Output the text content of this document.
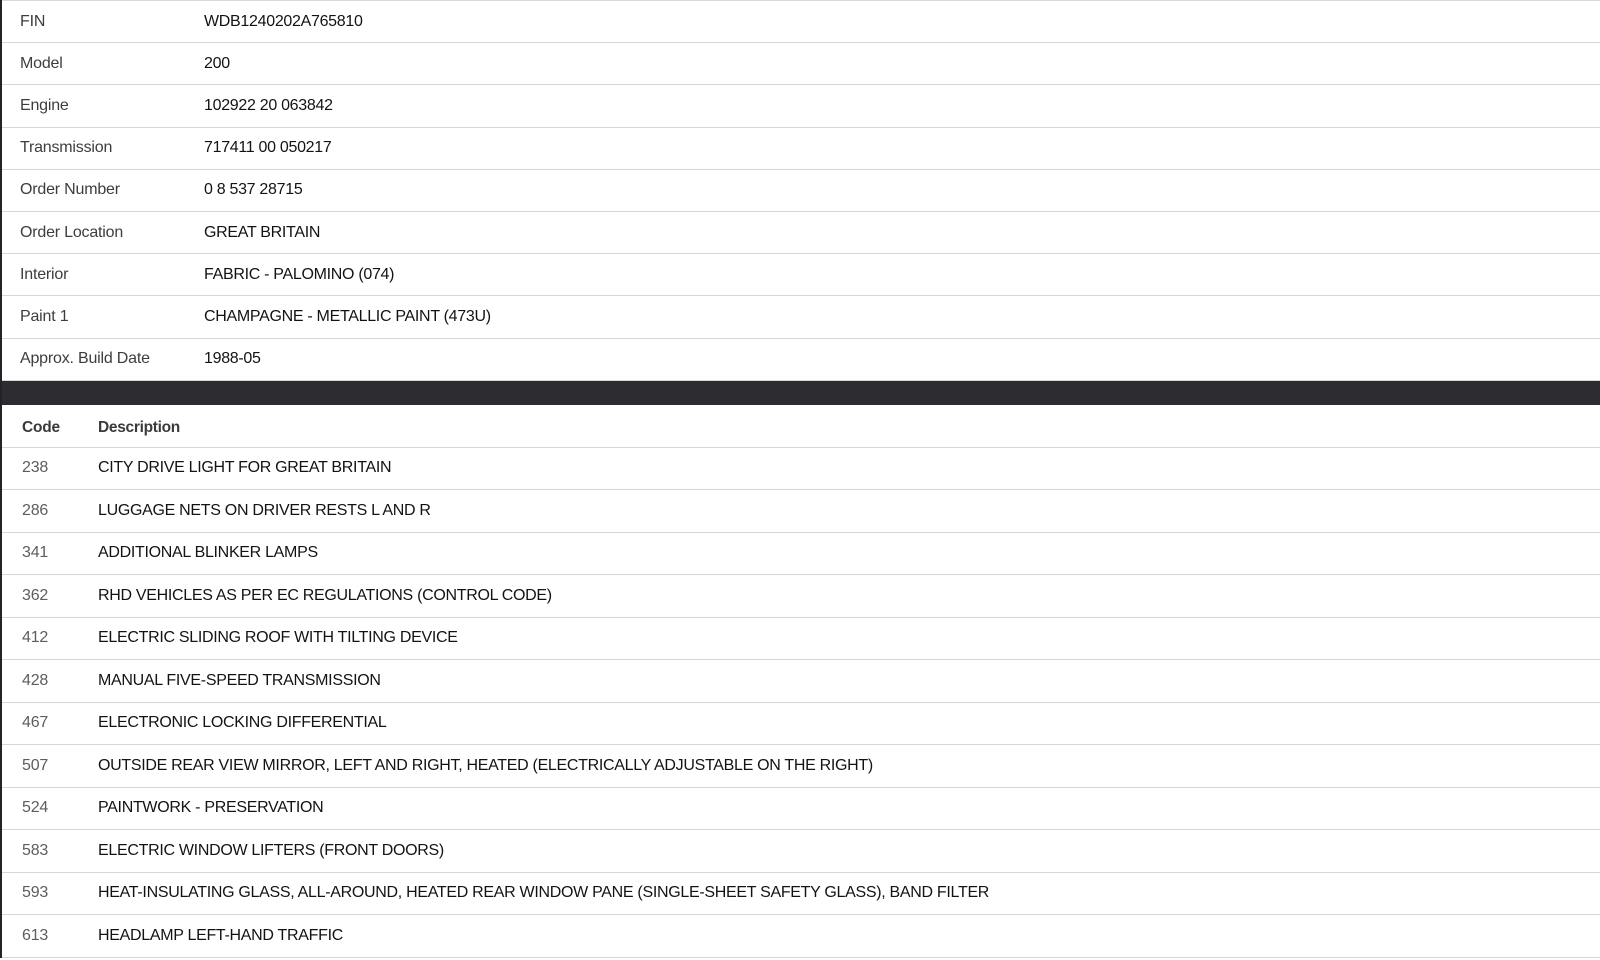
FIN	WDB1240202A765810
Model	200
Engine	102922 20 063842
Transmission	717411 00 050217
Order Number	0 8 537 28715
Order Location	GREAT BRITAIN
Interior	FABRIC - PALOMINO (074)
Paint 1	CHAMPAGNE - METALLIC PAINT (473U)
Approx. Build Date	1988-05
Code	Description
238	CITY DRIVE LIGHT FOR GREAT BRITAIN
286	LUGGAGE NETS ON DRIVER RESTS L AND R
341	ADDITIONAL BLINKER LAMPS
362	RHD VEHICLES AS PER EC REGULATIONS (CONTROL CODE)
412	ELECTRIC SLIDING ROOF WITH TILTING DEVICE
428	MANUAL FIVE-SPEED TRANSMISSION
467	ELECTRONIC LOCKING DIFFERENTIAL
507	OUTSIDE REAR VIEW MIRROR, LEFT AND RIGHT, HEATED (ELECTRICALLY ADJUSTABLE ON THE RIGHT)
524	PAINTWORK - PRESERVATION
583	ELECTRIC WINDOW LIFTERS (FRONT DOORS)
593	HEAT-INSULATING GLASS, ALL-AROUND, HEATED REAR WINDOW PANE (SINGLE-SHEET SAFETY GLASS), BAND FILTER
613	HEADLAMP LEFT-HAND TRAFFIC
